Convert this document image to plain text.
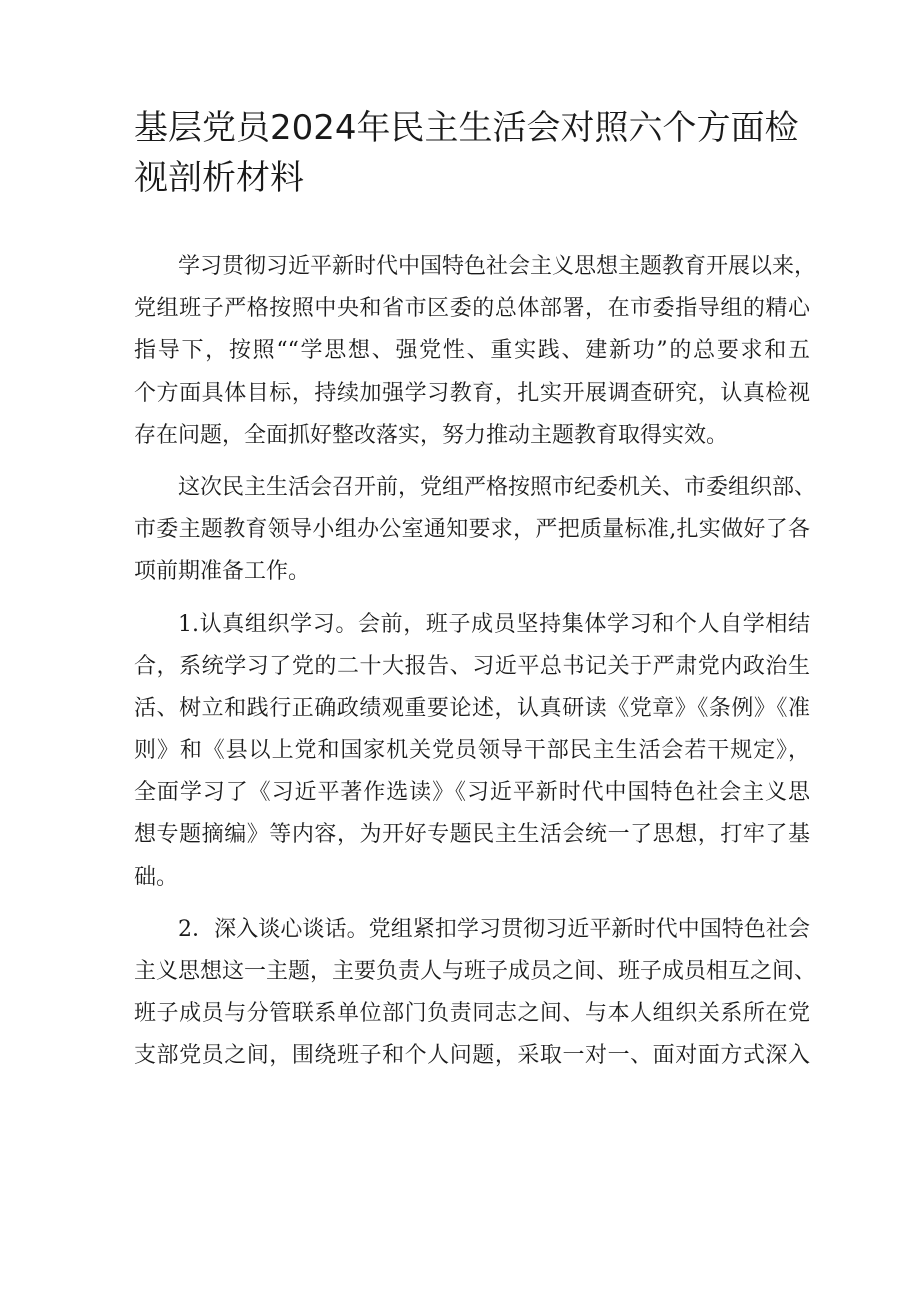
基层党员2024年民主生活会对照六个方面检
视剖析材料
学习贯彻习近平新时代中国特色社会主义思想主题教育开展以来，
党组班子严格按照中央和省市区委的总体部署，在市委指导组的精心
指导下，按照““学思想、强党性、重实践、建新功”的总要求和五
个方面具体目标，持续加强学习教育，扎实开展调查研究，认真检视
存在问题，全面抓好整改落实，努力推动主题教育取得实效。
这次民主生活会召开前，党组严格按照市纪委机关、市委组织部、
市委主题教育领导小组办公室通知要求，严把质量标准,扎实做好了各
项前期准备工作。
1.认真组织学习。会前，班子成员坚持集体学习和个人自学相结
合，系统学习了党的二十大报告、习近平总书记关于严肃党内政治生
活、树立和践行正确政绩观重要论述，认真研读《党章》《条例》《准
则》和《县以上党和国家机关党员领导干部民主生活会若干规定》，
全面学习了《习近平著作选读》《习近平新时代中国特色社会主义思
想专题摘编》等内容，为开好专题民主生活会统一了思想，打牢了基
础。
2．深入谈心谈话。党组紧扣学习贯彻习近平新时代中国特色社会
主义思想这一主题，主要负责人与班子成员之间、班子成员相互之间、
班子成员与分管联系单位部门负责同志之间、与本人组织关系所在党
支部党员之间，围绕班子和个人问题，采取一对一、面对面方式深入
